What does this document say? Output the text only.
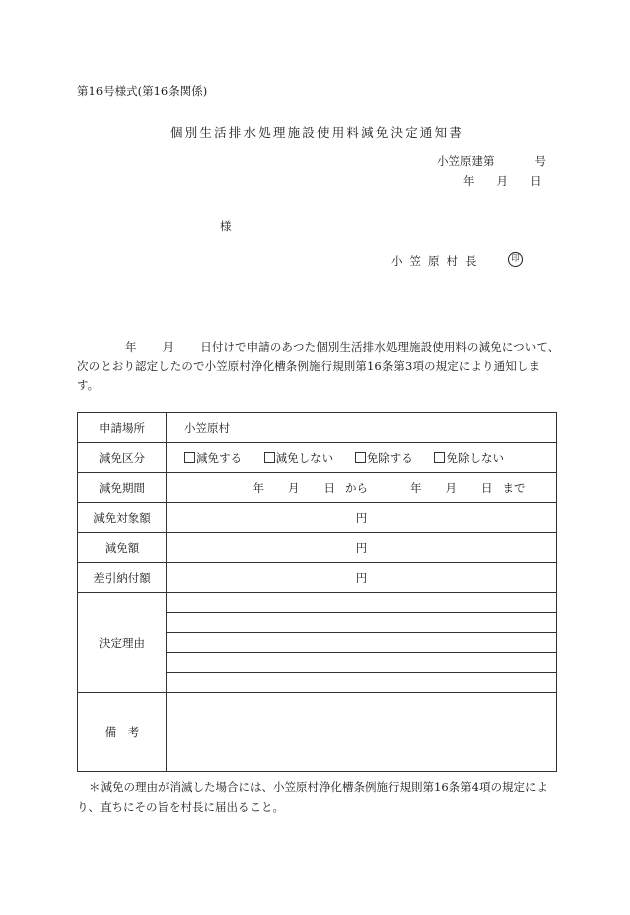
第16号様式(第16条関係)
個別生活排水処理施設使用料減免決定通知書
小笠原建第	号
年 月 日
様
小笠原村長	印
年 月 日付けで申請のあつた個別生活排水処理施設使用料の減免について、次のとおり認定したので小笠原村浄化槽条例施行規則第16条第3項の規定により通知します。
申請場所	小笠原村
減免区分	減免する 減免しない 免除する 免除しない
減免期間	年 月 日 から 年 月 日 まで
減免対象額	円
減免額	円
差引納付額	円
決定理由	

備　考	
＊減免の理由が消滅した場合には、小笠原村浄化槽条例施行規則第16条第4項の規定により、直ちにその旨を村長に届出ること。
